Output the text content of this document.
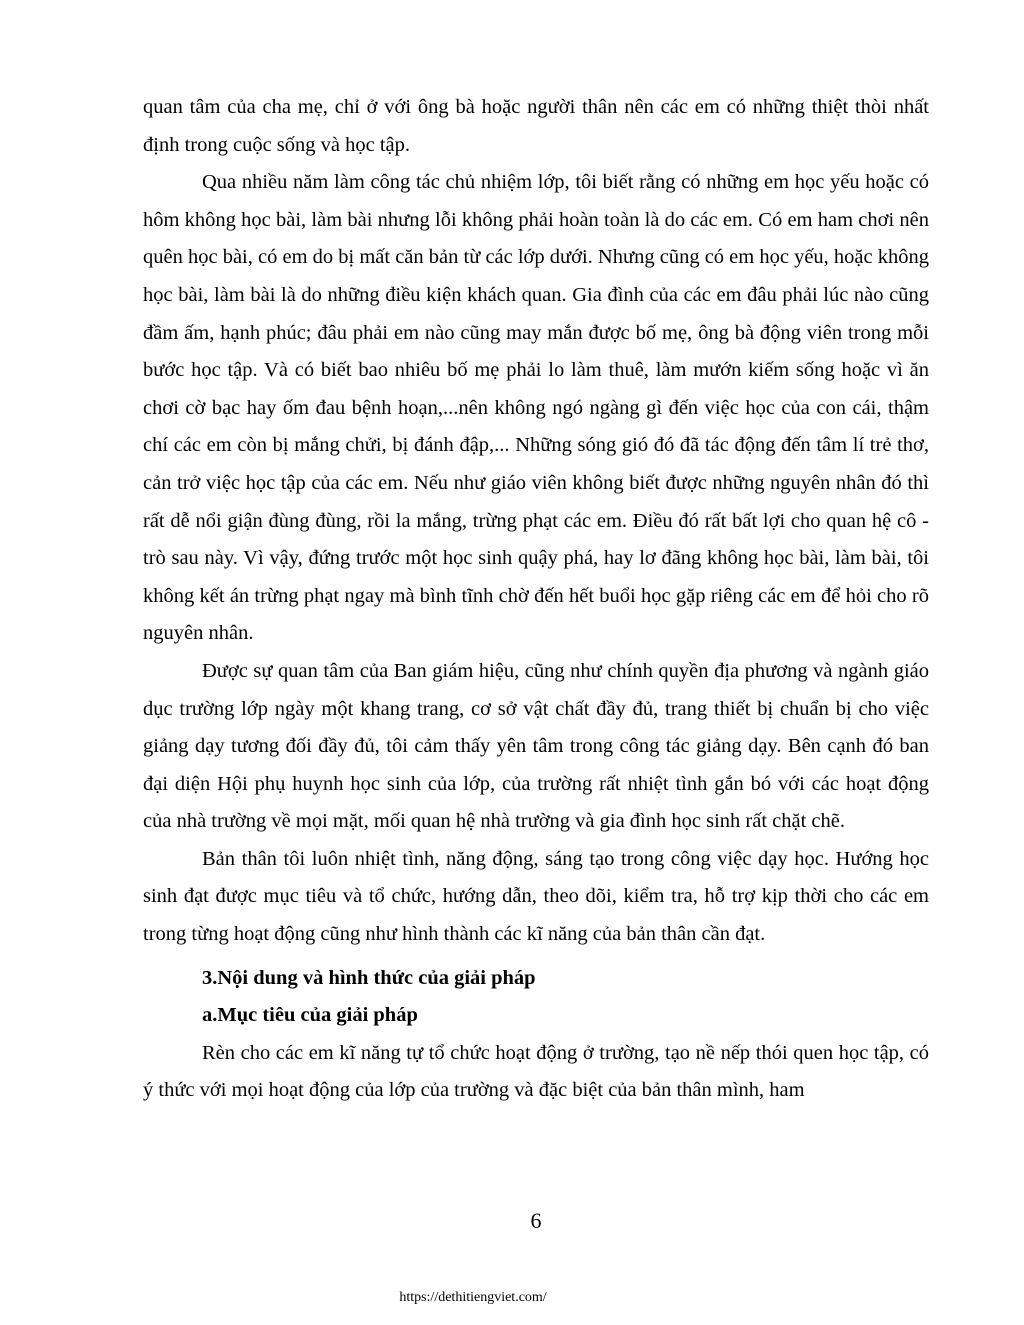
quan tâm của cha mẹ, chỉ ở với ông bà hoặc người thân nên các em có những thiệt thòi nhất định trong cuộc sống và học tập.

Qua nhiều năm làm công tác chủ nhiệm lớp, tôi biết rằng có những em học yếu hoặc có hôm không học bài, làm bài nhưng lỗi không phải hoàn toàn là do các em. Có em ham chơi nên quên học bài, có em do bị mất căn bản từ các lớp dưới. Nhưng cũng có em học yếu, hoặc không học bài, làm bài là do những điều kiện khách quan. Gia đình của các em đâu phải lúc nào cũng đầm ấm, hạnh phúc; đâu phải em nào cũng may mắn được bố mẹ, ông bà động viên trong mỗi bước học tập. Và có biết bao nhiêu bố mẹ phải lo làm thuê, làm mướn kiếm sống hoặc vì ăn chơi cờ bạc hay ốm đau bệnh hoạn,...nên không ngó ngàng gì đến việc học của con cái, thậm chí các em còn bị mắng chửi, bị đánh đập,... Những sóng gió đó đã tác động đến tâm lí trẻ thơ, cản trở việc học tập của các em. Nếu như giáo viên không biết được những nguyên nhân đó thì rất dễ nổi giận đùng đùng, rồi la mắng, trừng phạt các em. Điều đó rất bất lợi cho quan hệ cô - trò sau này. Vì vậy, đứng trước một học sinh quậy phá, hay lơ đãng không học bài, làm bài, tôi không kết án trừng phạt ngay mà bình tĩnh chờ đến hết buổi học gặp riêng các em để hỏi cho rõ nguyên nhân.

Được sự quan tâm của Ban giám hiệu, cũng như chính quyền địa phương và ngành giáo dục trường lớp ngày một khang trang, cơ sở vật chất đầy đủ, trang thiết bị chuẩn bị cho việc giảng dạy tương đối đầy đủ, tôi cảm thấy yên tâm trong công tác giảng dạy. Bên cạnh đó ban đại diện Hội phụ huynh học sinh của lớp, của trường rất nhiệt tình gắn bó với các hoạt động của nhà trường về mọi mặt, mối quan hệ nhà trường và gia đình học sinh rất chặt chẽ.

Bản thân tôi luôn nhiệt tình, năng động, sáng tạo trong công việc dạy học. Hướng học sinh đạt được mục tiêu và tổ chức, hướng dẫn, theo dõi, kiểm tra, hỗ trợ kịp thời cho các em trong từng hoạt động cũng như hình thành các kĩ năng của bản thân cần đạt.

3.Nội dung và hình thức của giải pháp

a.Mục tiêu của giải pháp

Rèn cho các em kĩ năng tự tổ chức hoạt động ở trường, tạo nề nếp thói quen học tập, có ý thức với mọi hoạt động của lớp của trường và đặc biệt của bản thân mình, ham

6
https://dethitiengviet.com/
